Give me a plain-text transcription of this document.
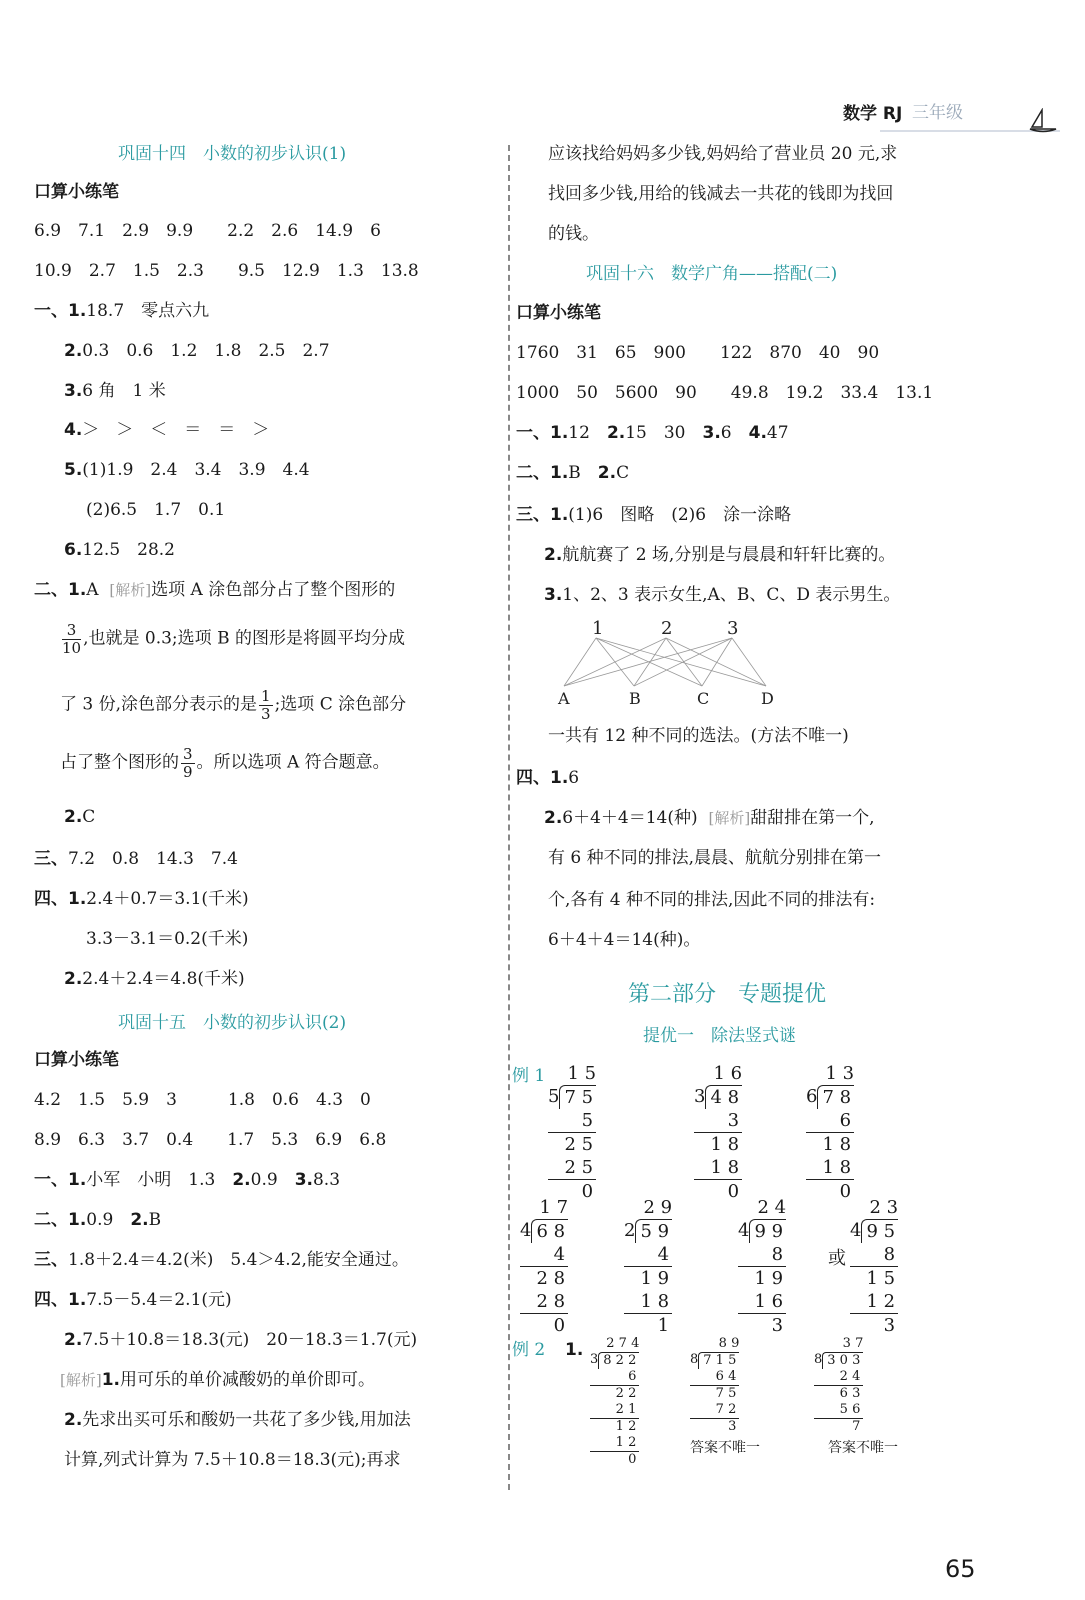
数学 RJ 三年级
巩固十四　小数的初步认识(1)
口算小练笔
6.9　7.1　2.9　9.9　　2.2　2.6　14.9　6
10.9　2.7　1.5　2.3　　9.5　12.9　1.3　13.8
一、1.18.7　零点六九
2.0.3　0.6　1.2　1.8　2.5　2.7
3.6 角　1 米
4.＞　＞　＜　＝　＝　＞
5.(1)1.9　2.4　3.4　3.9　4.4
(2)6.5　1.7　0.1
6.12.5　28.2
二、1.A [解析]选项 A 涂色部分占了整个图形的
$\frac{3}{10}$ ,也就是 0.3;选项 B 的图形是将圆平均分成
了 3 份,涂色部分表示的是 $\frac{1}{3}$ ;选项 C 涂色部分
占了整个图形的 $\frac{3}{9}$ 。所以选项 A 符合题意。
2.C
三、7.2　0.8　14.3　7.4
四、1.2.4＋0.7＝3.1(千米)
3.3－3.1＝0.2(千米)
2.2.4＋2.4＝4.8(千米)
巩固十五　小数的初步认识(2)
口算小练笔
4.2　1.5　5.9　3　　　1.8　0.6　4.3　0
8.9　6.3　3.7　0.4　　1.7　5.3　6.9　6.8
一、1.小军　小明　1.3　2.0.9　3.8.3
二、1.0.9　2.B
三、1.8＋2.4＝4.2(米)　5.4＞4.2,能安全通过。
四、1.7.5－5.4＝2.1(元)
2.7.5＋10.8＝18.3(元)　20－18.3＝1.7(元)
[解析]1.用可乐的单价减酸奶的单价即可。
2.先求出买可乐和酸奶一共花了多少钱,用加法
计算,列式计算为 7.5＋10.8＝18.3(元);再求
应该找给妈妈多少钱,妈妈给了营业员 20 元,求
找回多少钱,用给的钱减去一共花的钱即为找回
的钱。
巩固十六　数学广角——搭配(二)
口算小练笔
1760　31　65　900　　122　870　40　90
1000　50　5600　90　　49.8　19.2　33.4　13.1
一、1.12　2.15　30　3.6　4.47
二、1.B　2.C
三、1.(1)6　图略　(2)6　涂一涂略
2.航航赛了 2 场,分别是与晨晨和轩轩比赛的。
3.1、2、3 表示女生,A、B、C、D 表示男生。
1	2	3
A	B	C	D
一共有 12 种不同的选法。(方法不唯一)
四、1.6
2.6＋4＋4＝14(种) [解析]甜甜排在第一个,
有 6 种不同的排法,晨晨、航航分别排在第一
个,各有 4 种不同的排法,因此不同的排法有:
6＋4＋4＝14(种)。
第二部分　专题提优
提优一　除法竖式谜
例 1
例 2 1.
或
答案不唯一	答案不唯一
1 5
5 7 5
5
2 5
2 5
0
1 6
3 4 8
3
1 8
1 8
0
1 3
6 7 8
6
1 8
1 8
0
1 7
4 6 8
4
2 8
2 8
0
2 9
2 5 9
4
1 9
1 8
1
2 4
4 9 9
8
1 9
1 6
3
2 3
4 9 5
8
1 5
1 2
3
2 7 4
3 8 2 2
6
2 2
2 1
1 2
1 2
0
8 9
8 7 1 5
6 4
7 5
7 2
3
3 7
8 3 0 3
2 4
6 3
5 6
7
65
